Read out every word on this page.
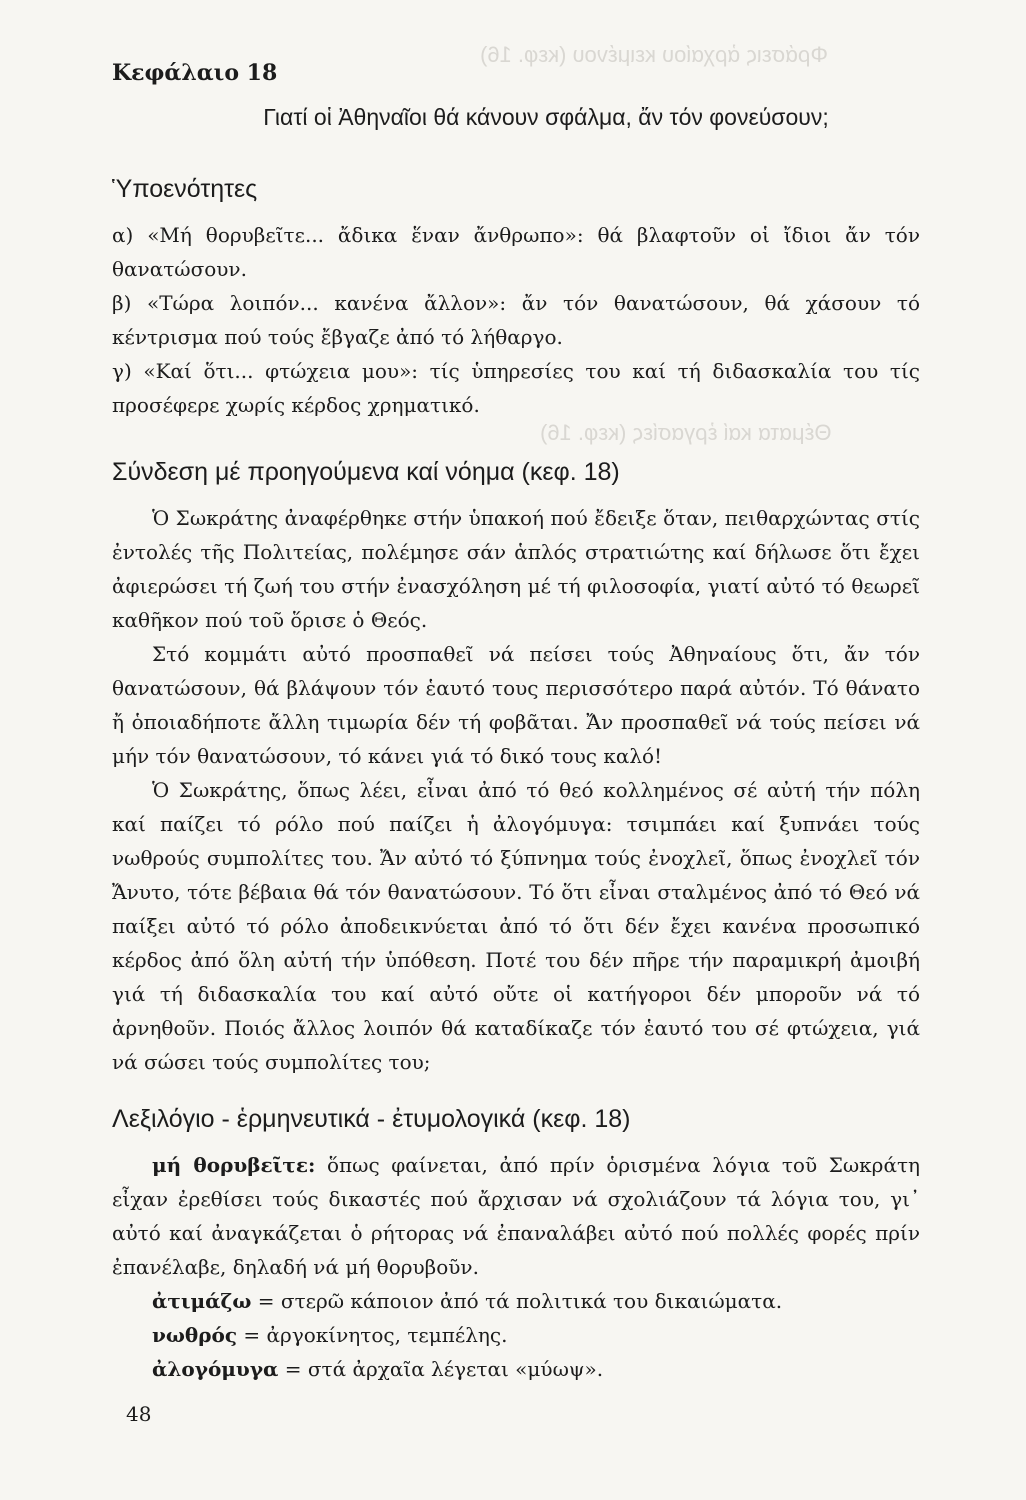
Φράσεις ἀρχαίου κειμένου (κεφ. 16)
Θέματα καί ἐργασίες (κεφ. 16)
Κεφάλαιο 18
Γιατί οἱ Ἀθηναῖοι θά κάνουν σφάλμα, ἄν τόν φονεύσουν;
Ὑποενότητες

α) «Μή θορυβεῖτε... ἄδικα ἕναν ἄνθρωπο»: θά βλαφτοῦν οἱ ἴδιοι ἄν τόν θανατώσουν.

β) «Τώρα λοιπόν... κανένα ἄλλον»: ἄν τόν θανατώσουν, θά χάσουν τό κέντρισμα πού τούς ἔβγαζε ἀπό τό λήθαργο.

γ) «Καί ὅτι... φτώχεια μου»: τίς ὑπηρεσίες του καί τή διδασκαλία του τίς προσέφερε χωρίς κέρδος χρηματικό.

Σύνδεση μέ προηγούμενα καί νόημα (κεφ. 18)

Ὁ Σωκράτης ἀναφέρθηκε στήν ὑπακοή πού ἔδειξε ὅταν, πειθαρχώντας στίς ἐντολές τῆς Πολιτείας, πολέμησε σάν ἁπλός στρατιώτης καί δήλωσε ὅτι ἔχει ἀφιερώσει τή ζωή του στήν ἐνασχόληση μέ τή φιλοσοφία, γιατί αὐτό τό θεωρεῖ καθῆκον πού τοῦ ὅρισε ὁ Θεός.

Στό κομμάτι αὐτό προσπαθεῖ νά πείσει τούς Ἀθηναίους ὅτι, ἄν τόν θανατώσουν, θά βλάψουν τόν ἑαυτό τους περισσότερο παρά αὐτόν. Τό θάνατο ἤ ὁποιαδήποτε ἄλλη τιμωρία δέν τή φοβᾶται. Ἄν προσπαθεῖ νά τούς πείσει νά μήν τόν θανατώσουν, τό κάνει γιά τό δικό τους καλό!

Ὁ Σωκράτης, ὅπως λέει, εἶναι ἀπό τό θεό κολλημένος σέ αὐτή τήν πόλη καί παίζει τό ρόλο πού παίζει ἡ ἀλογόμυγα: τσιμπάει καί ξυπνάει τούς νωθρούς συμπολίτες του. Ἄν αὐτό τό ξύπνημα τούς ἐνοχλεῖ, ὅπως ἐνοχλεῖ τόν Ἄνυτο, τότε βέβαια θά τόν θανατώσουν. Τό ὅτι εἶναι σταλμένος ἀπό τό Θεό νά παίξει αὐτό τό ρόλο ἀποδεικνύεται ἀπό τό ὅτι δέν ἔχει κανένα προσωπικό κέρδος ἀπό ὅλη αὐτή τήν ὑπόθεση. Ποτέ του δέν πῆρε τήν παραμικρή ἀμοιβή γιά τή διδασκαλία του καί αὐτό οὔτε οἱ κατήγοροι δέν μποροῦν νά τό ἀρνηθοῦν. Ποιός ἄλλος λοιπόν θά καταδίκαζε τόν ἑαυτό του σέ φτώχεια, γιά νά σώσει τούς συμπολίτες του;

Λεξιλόγιο - ἑρμηνευτικά - ἐτυμολογικά (κεφ. 18)

μή θορυβεῖτε: ὅπως φαίνεται, ἀπό πρίν ὁρισμένα λόγια τοῦ Σωκράτη εἶχαν ἐρεθίσει τούς δικαστές πού ἄρχισαν νά σχολιάζουν τά λόγια του, γι᾽ αὐτό καί ἀναγκάζεται ὁ ρήτορας νά ἐπαναλάβει αὐτό πού πολλές φορές πρίν ἐπανέλαβε, δηλαδή νά μή θορυβοῦν.

ἀτιμάζω = στερῶ κάποιον ἀπό τά πολιτικά του δικαιώματα.

νωθρός = ἀργοκίνητος, τεμπέλης.

ἀλογόμυγα = στά ἀρχαῖα λέγεται «μύωψ».

48
